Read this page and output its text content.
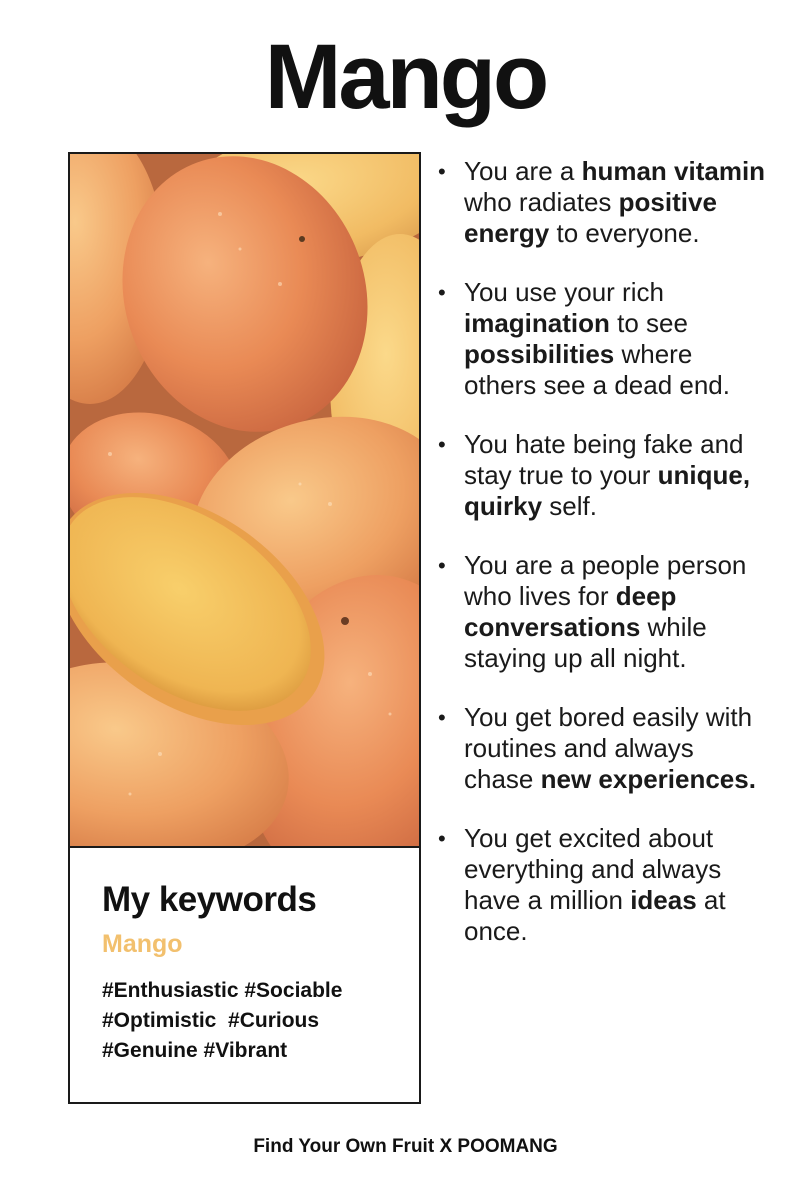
Mango
My keywords
Mango
#Enthusiastic #Sociable
#Optimistic  #Curious
#Genuine #Vibrant
• You are a human vitamin who radiates positive energy to everyone.
• You use your rich imagination to see possibilities where others see a dead end.
• You hate being fake and stay true to your unique, quirky self.
• You are a people person who lives for deep conversations while staying up all night.
• You get bored easily with routines and always chase new experiences.
• You get excited about everything and always have a million ideas at once.
Find Your Own Fruit X POOMANG
